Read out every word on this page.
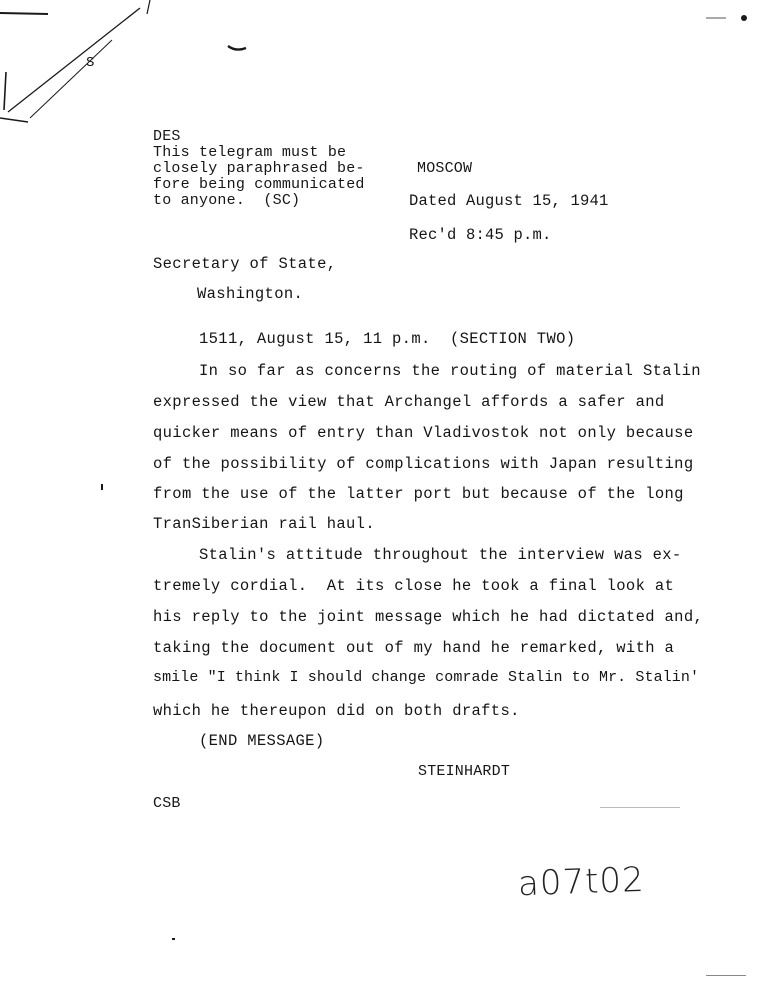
S
DES
This telegram must be
closely paraphrased be-
fore being communicated
to anyone.  (SC)
MOSCOW
Dated August 15, 1941
Rec'd 8:45 p.m.
Secretary of State,
Washington.
1511, August 15, 11 p.m.  (SECTION TWO)
In so far as concerns the routing of material Stalin
expressed the view that Archangel affords a safer and
quicker means of entry than Vladivostok not only because
of the possibility of complications with Japan resulting
from the use of the latter port but because of the long
TranSiberian rail haul.
Stalin's attitude throughout the interview was ex-
tremely cordial.  At its close he took a final look at
his reply to the joint message which he had dictated and,
taking the document out of my hand he remarked, with a
smile "I think I should change comrade Stalin to Mr. Stalin'
which he thereupon did on both drafts.
(END MESSAGE)
STEINHARDT
CSB
a07t02
